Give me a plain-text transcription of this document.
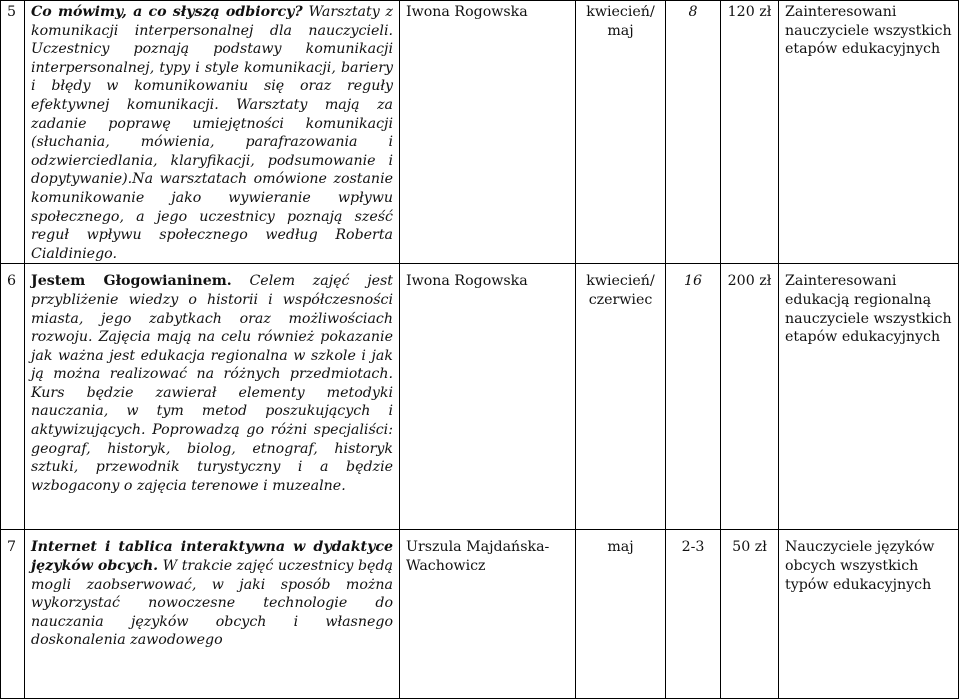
5	Co mówimy, a co słyszą odbiorcy? Warsztaty z komunikacji interpersonalnej dla nauczycieli. Uczestnicy poznają podstawy komunikacji interpersonalnej, typy i style komunikacji, bariery i błędy w komunikowaniu się oraz reguły efektywnej komunikacji. Warsztaty mają za zadanie poprawę umiejętności komunikacji (słuchania, mówienia, parafrazowania i odzwierciedlania, klaryfikacji, podsumowanie i dopytywanie).Na warsztatach omówione zostanie komunikowanie jako wywieranie wpływu społecznego, a jego uczestnicy poznają sześć reguł wpływu społecznego według Roberta Cialdiniego.	Iwona Rogowska	kwiecień/ maj	8	120 zł	Zainteresowani nauczyciele wszystkich etapów edukacyjnych
6	Jestem Głogowianinem. Celem zajęć jest przybliżenie wiedzy o historii i współczesności miasta, jego zabytkach oraz możliwościach rozwoju. Zajęcia mają na celu również pokazanie jak ważna jest edukacja regionalna w szkole i jak ją można realizować na różnych przedmiotach. Kurs będzie zawierał elementy metodyki nauczania, w tym metod poszukujących i aktywizujących. Poprowadzą go różni specjaliści: geograf, historyk, biolog, etnograf, historyk sztuki, przewodnik turystyczny i a będzie wzbogacony o zajęcia terenowe i muzealne.	Iwona Rogowska	kwiecień/ czerwiec	16	200 zł	Zainteresowani edukacją regionalną nauczyciele wszystkich etapów edukacyjnych
7	Internet i tablica interaktywna w dydaktyce języków obcych. W trakcie zajęć uczestnicy będą mogli zaobserwować, w jaki sposób można wykorzystać nowoczesne technologie do nauczania języków obcych i własnego doskonalenia zawodowego	Urszula Majdańska-Wachowicz	maj	2-3	50 zł	Nauczyciele języków obcych wszystkich typów edukacyjnych
